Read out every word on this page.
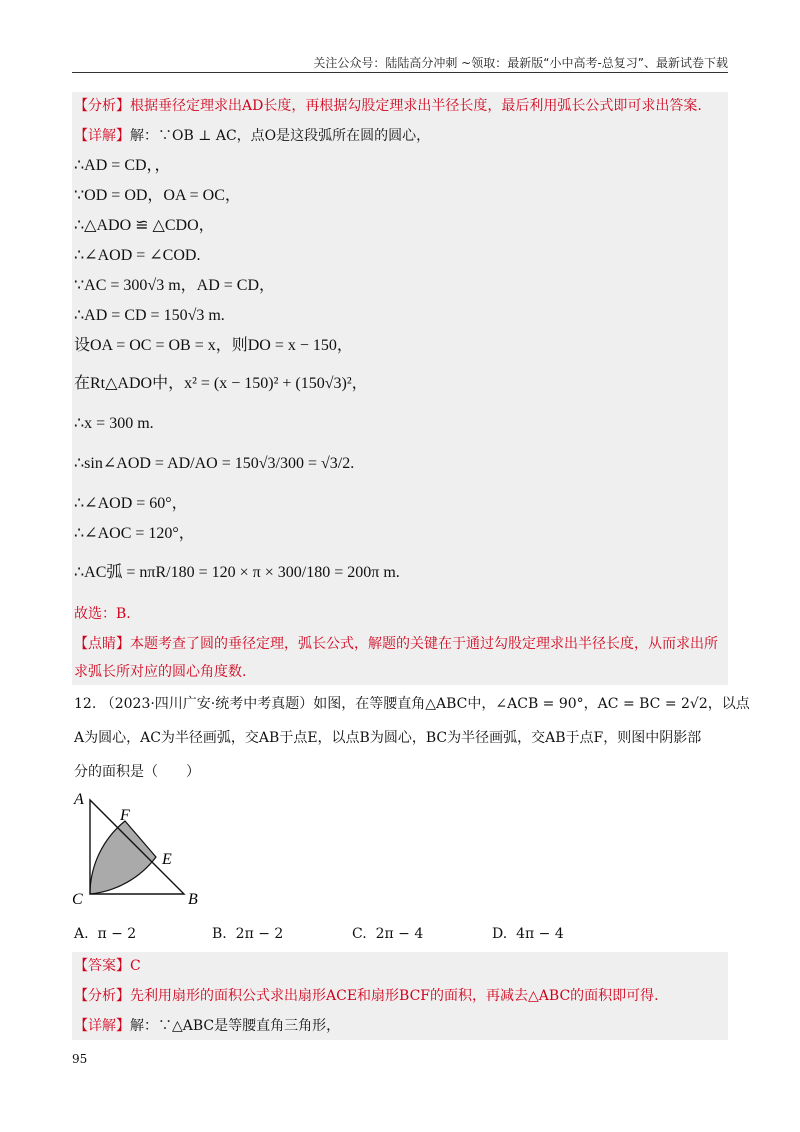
关注公众号：陆陆高分冲刺 ~领取：最新版“小中高考-总复习”、最新试卷下载
【分析】根据垂径定理求出AD长度，再根据勾股定理求出半径长度，最后利用弧长公式即可求出答案.
【详解】解：∵OB ⊥ AC，点O是这段弧所在圆的圆心，
∴AD = CD，，
∵OD = OD，OA = OC，
∴△ADO ≌ △CDO，
∴∠AOD = ∠COD.
∵AC = 300√3 m，AD = CD，
∴AD = CD = 150√3 m.
设OA = OC = OB = x，则DO = x − 150，
在Rt△ADO中，x² = (x − 150)² + (150√3)²，
∴x = 300 m.
∴sin∠AOD = AD/AO = 150√3/300 = √3/2.
∴∠AOD = 60°，
∴∠AOC = 120°，
∴AC弧 = nπR/180 = 120 × π × 300/180 = 200π m.
故选：B.
【点睛】本题考查了圆的垂径定理，弧长公式，解题的关键在于通过勾股定理求出半径长度，从而求出所
求弧长所对应的圆心角度数.
12. （2023·四川广安·统考中考真题）如图，在等腰直角△ABC中，∠ACB = 90°，AC = BC = 2√2，以点
A为圆心，AC为半径画弧，交AB于点E，以点B为圆心，BC为半径画弧，交AB于点F，则图中阴影部
分的面积是（　　）
A
F
E
C	B
A. π − 2	B. 2π − 2	C. 2π − 4	D. 4π − 4
【答案】C
【分析】先利用扇形的面积公式求出扇形ACE和扇形BCF的面积，再减去△ABC的面积即可得.
【详解】解：∵△ABC是等腰直角三角形，
95
